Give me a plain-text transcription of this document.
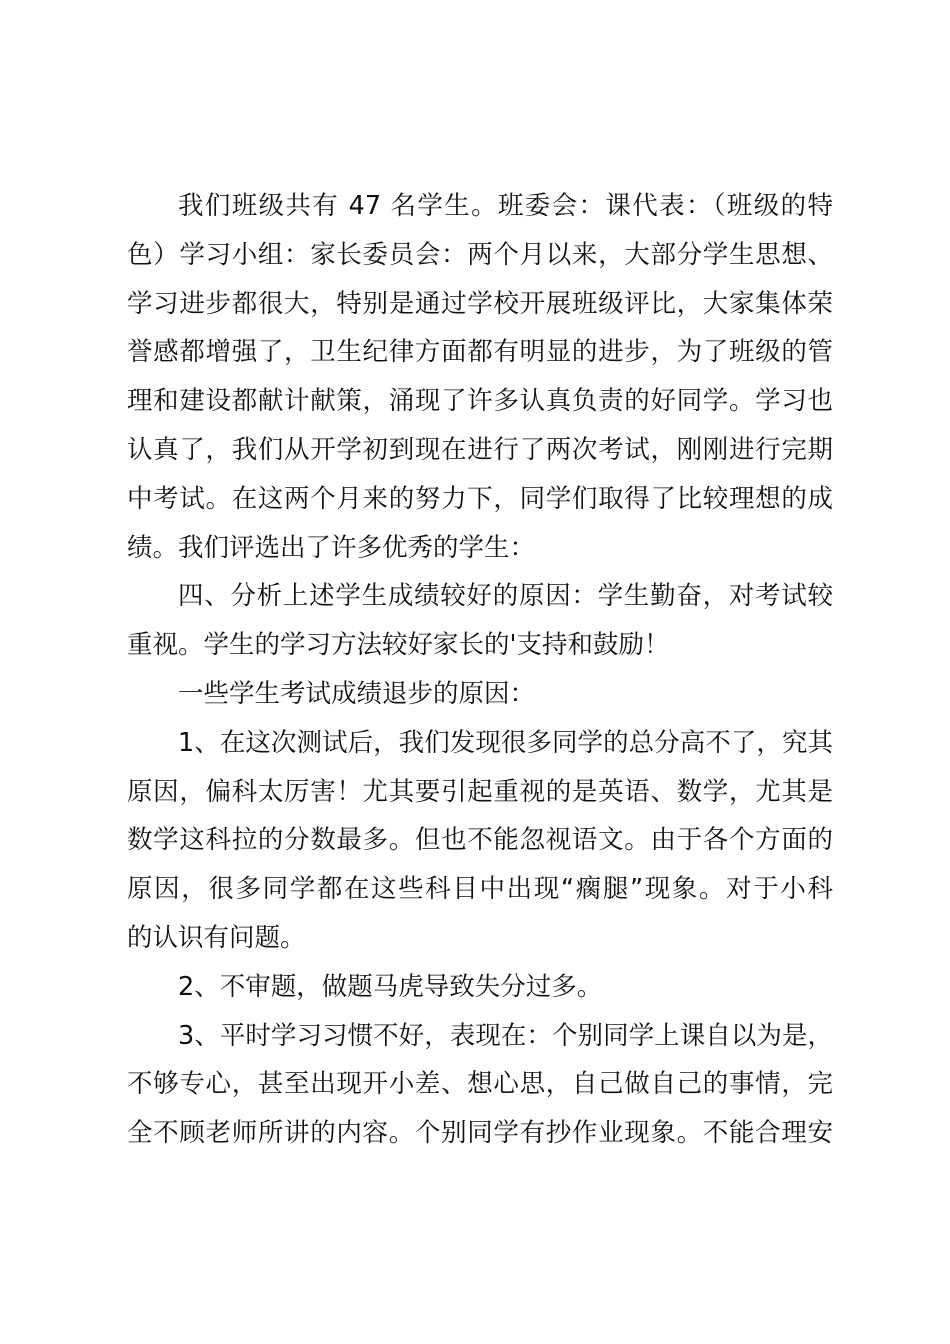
我们班级共有 47 名学生。班委会：课代表：（班级的特
色）学习小组：家长委员会：两个月以来，大部分学生思想、
学习进步都很大，特别是通过学校开展班级评比，大家集体荣
誉感都增强了，卫生纪律方面都有明显的进步，为了班级的管
理和建设都献计献策，涌现了许多认真负责的好同学。学习也
认真了，我们从开学初到现在进行了两次考试，刚刚进行完期
中考试。在这两个月来的努力下，同学们取得了比较理想的成
绩。我们评选出了许多优秀的学生：
四、分析上述学生成绩较好的原因：学生勤奋，对考试较
重视。学生的学习方法较好家长的'支持和鼓励！
一些学生考试成绩退步的原因：
1、在这次测试后，我们发现很多同学的总分高不了，究其
原因，偏科太厉害！尤其要引起重视的是英语、数学，尤其是
数学这科拉的分数最多。但也不能忽视语文。由于各个方面的
原因，很多同学都在这些科目中出现“瘸腿”现象。对于小科
的认识有问题。
2、不审题，做题马虎导致失分过多。
3、平时学习习惯不好，表现在：个别同学上课自以为是，
不够专心，甚至出现开小差、想心思，自己做自己的事情，完
全不顾老师所讲的内容。个别同学有抄作业现象。不能合理安
